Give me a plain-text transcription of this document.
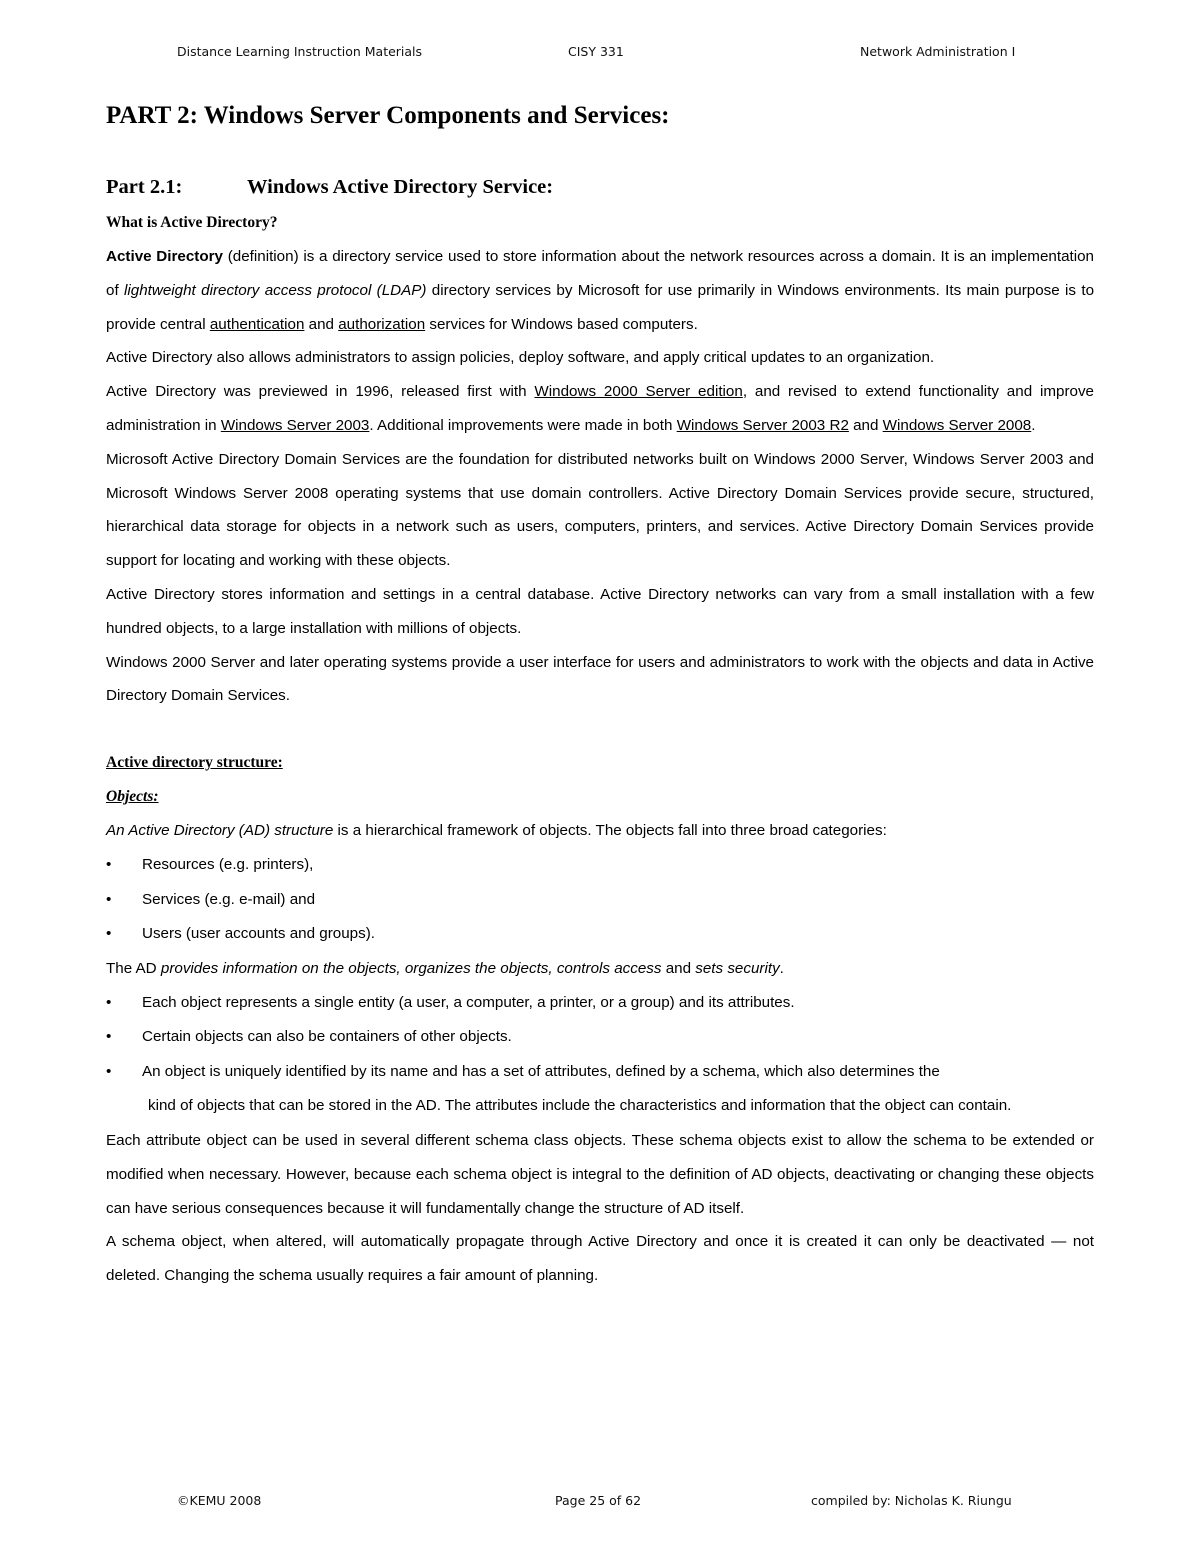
Distance Learning Instruction Materials	CISY 331	Network Administration I
PART 2: Windows Server Components and Services:
Part 2.1:	Windows Active Directory Service:
What is Active Directory?

Active Directory (definition) is a directory service used to store information about the network resources across a domain. It is an implementation of lightweight directory access protocol (LDAP) directory services by Microsoft for use primarily in Windows environments. Its main purpose is to provide central authentication and authorization services for Windows based computers.

Active Directory also allows administrators to assign policies, deploy software, and apply critical updates to an organization.

Active Directory was previewed in 1996, released first with Windows 2000 Server edition, and revised to extend functionality and improve administration in Windows Server 2003. Additional improvements were made in both Windows Server 2003 R2 and Windows Server 2008.

Microsoft Active Directory Domain Services are the foundation for distributed networks built on Windows 2000 Server, Windows Server 2003 and Microsoft Windows Server 2008 operating systems that use domain controllers. Active Directory Domain Services provide secure, structured, hierarchical data storage for objects in a network such as users, computers, printers, and services. Active Directory Domain Services provide support for locating and working with these objects.

Active Directory stores information and settings in a central database. Active Directory networks can vary from a small installation with a few hundred objects, to a large installation with millions of objects.

Windows 2000 Server and later operating systems provide a user interface for users and administrators to work with the objects and data in Active Directory Domain Services.

Active directory structure:
Objects:

An Active Directory (AD) structure is a hierarchical framework of objects. The objects fall into three broad categories:

• Resources (e.g. printers),
• Services (e.g. e-mail) and
• Users (user accounts and groups).

The AD provides information on the objects, organizes the objects, controls access and sets security.

• Each object represents a single entity (a user, a computer, a printer, or a group) and its attributes.
• Certain objects can also be containers of other objects.
• An object is uniquely identified by its name and has a set of attributes, defined by a schema, which also determines the
kind of objects that can be stored in the AD. The attributes include the characteristics and information that the object can contain.

Each attribute object can be used in several different schema class objects. These schema objects exist to allow the schema to be extended or modified when necessary. However, because each schema object is integral to the definition of AD objects, deactivating or changing these objects can have serious consequences because it will fundamentally change the structure of AD itself.

A schema object, when altered, will automatically propagate through Active Directory and once it is created it can only be deactivated — not deleted. Changing the schema usually requires a fair amount of planning.

©KEMU 2008	Page 25 of 62	compiled by: Nicholas K. Riungu
